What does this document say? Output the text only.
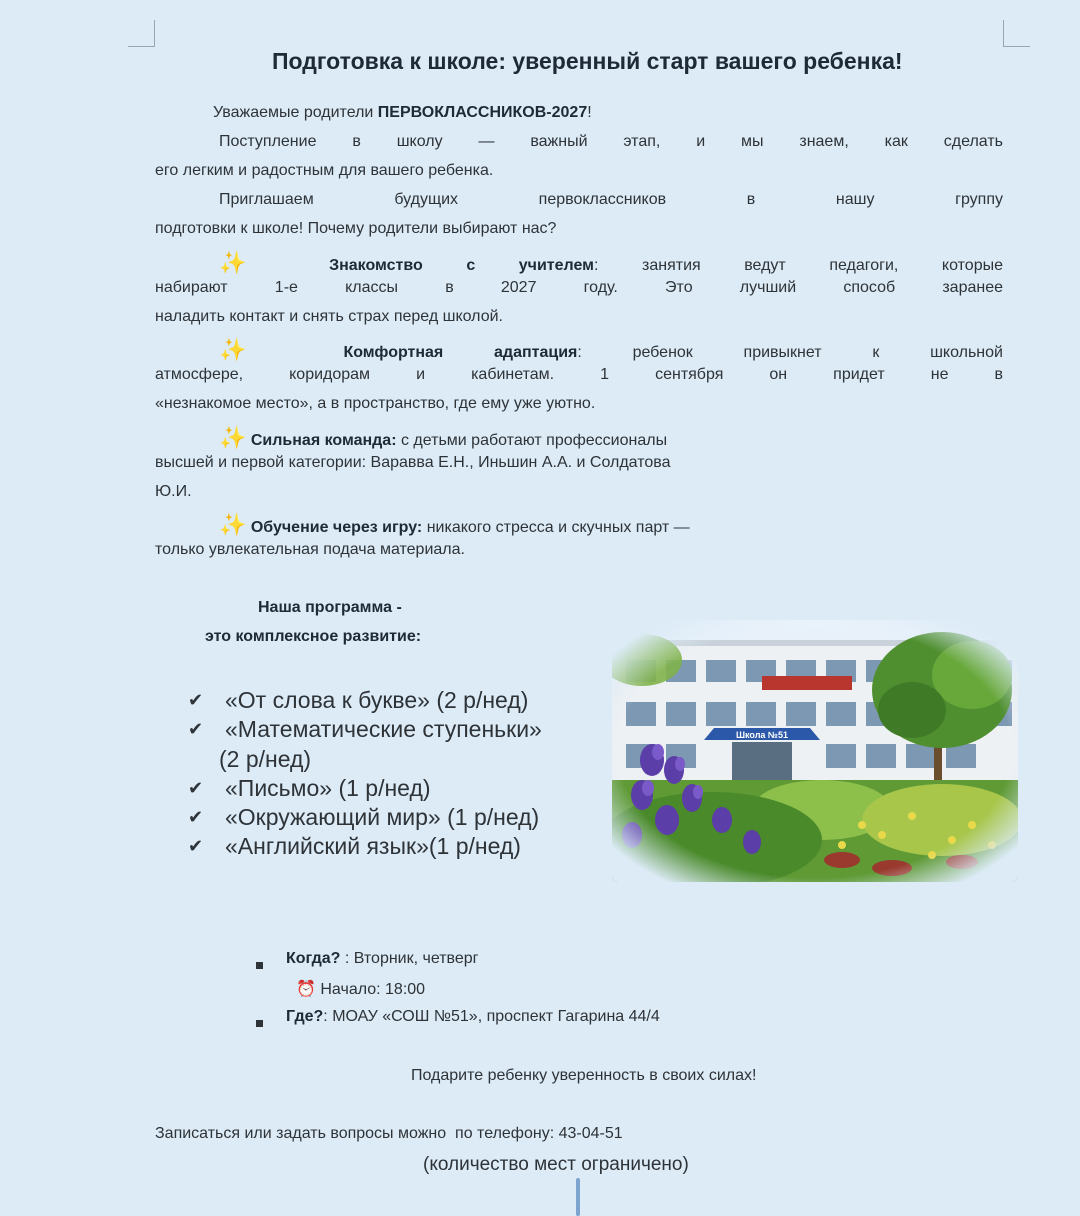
Подготовка к школе: уверенный старт вашего ребенка!
Уважаемые родители ПЕРВОКЛАССНИКОВ-2027!
Поступление в школу — важный этап, и мы знаем, как сделать
его легким и радостным для вашего ребенка.
Приглашаем будущих первоклассников в нашу группу
подготовки к школе! Почему родители выбирают нас?
✨	Знакомство с учителем: занятия ведут педагоги, которые
набирают 1-е классы в 2027 году. Это лучший способ заранее
наладить контакт и снять страх перед школой.
✨	Комфортная адаптация: ребенок привыкнет к школьной
атмосфере, коридорам и кабинетам. 1 сентября он придет не в
«незнакомое место», а в пространство, где ему уже уютно.
✨ Сильная команда: с детьми работают профессионалы
высшей и первой категории: Варавва Е.Н., Иньшин А.А. и Солдатова
Ю.И.
✨ Обучение через игру: никакого стресса и скучных парт —
только увлекательная подача материала.
Наша программа -
это комплексное развитие:
✔ «От слова к букве» (2 р/нед)
✔ «Математические ступеньки»
(2 р/нед)
✔ «Письмо» (1 р/нед)
✔ «Окружающий мир» (1 р/нед)
✔ «Английский язык»(1 р/нед)
Когда? : Вторник, четверг
⏰ Начало: 18:00
Где?: МОАУ «СОШ №51», проспект Гагарина 44/4
Подарите ребенку уверенность в своих силах!
Записаться или задать вопросы можно  по телефону: 43-04-51
(количество мест ограничено)
